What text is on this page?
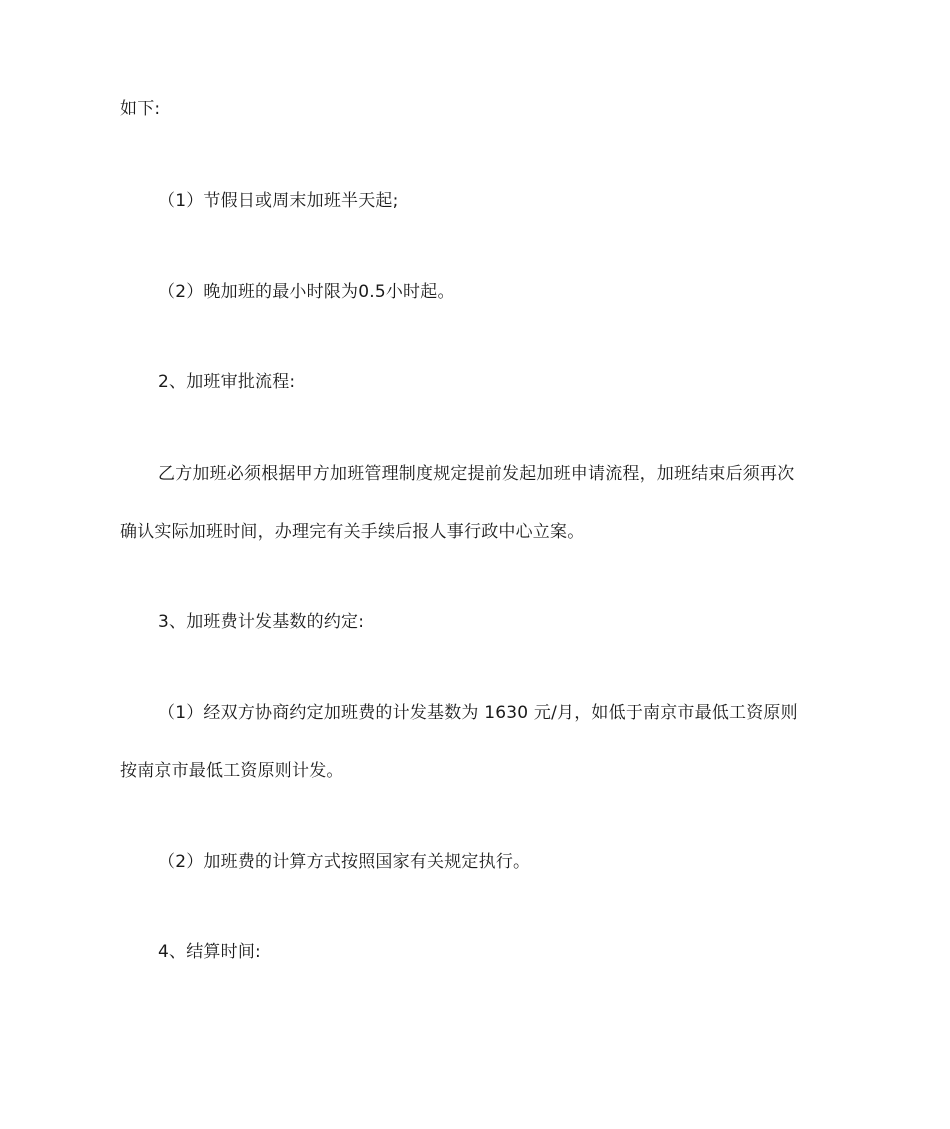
如下:
（1）节假日或周末加班半天起;
（2）晚加班的最小时限为0.5小时起。
2、加班审批流程:
乙方加班必须根据甲方加班管理制度规定提前发起加班申请流程，加班结束后须再次
确认实际加班时间，办理完有关手续后报人事行政中心立案。
3、加班费计发基数的约定:
（1）经双方协商约定加班费的计发基数为 1630 元/月，如低于南京市最低工资原则
按南京市最低工资原则计发。
（2）加班费的计算方式按照国家有关规定执行。
4、结算时间:
